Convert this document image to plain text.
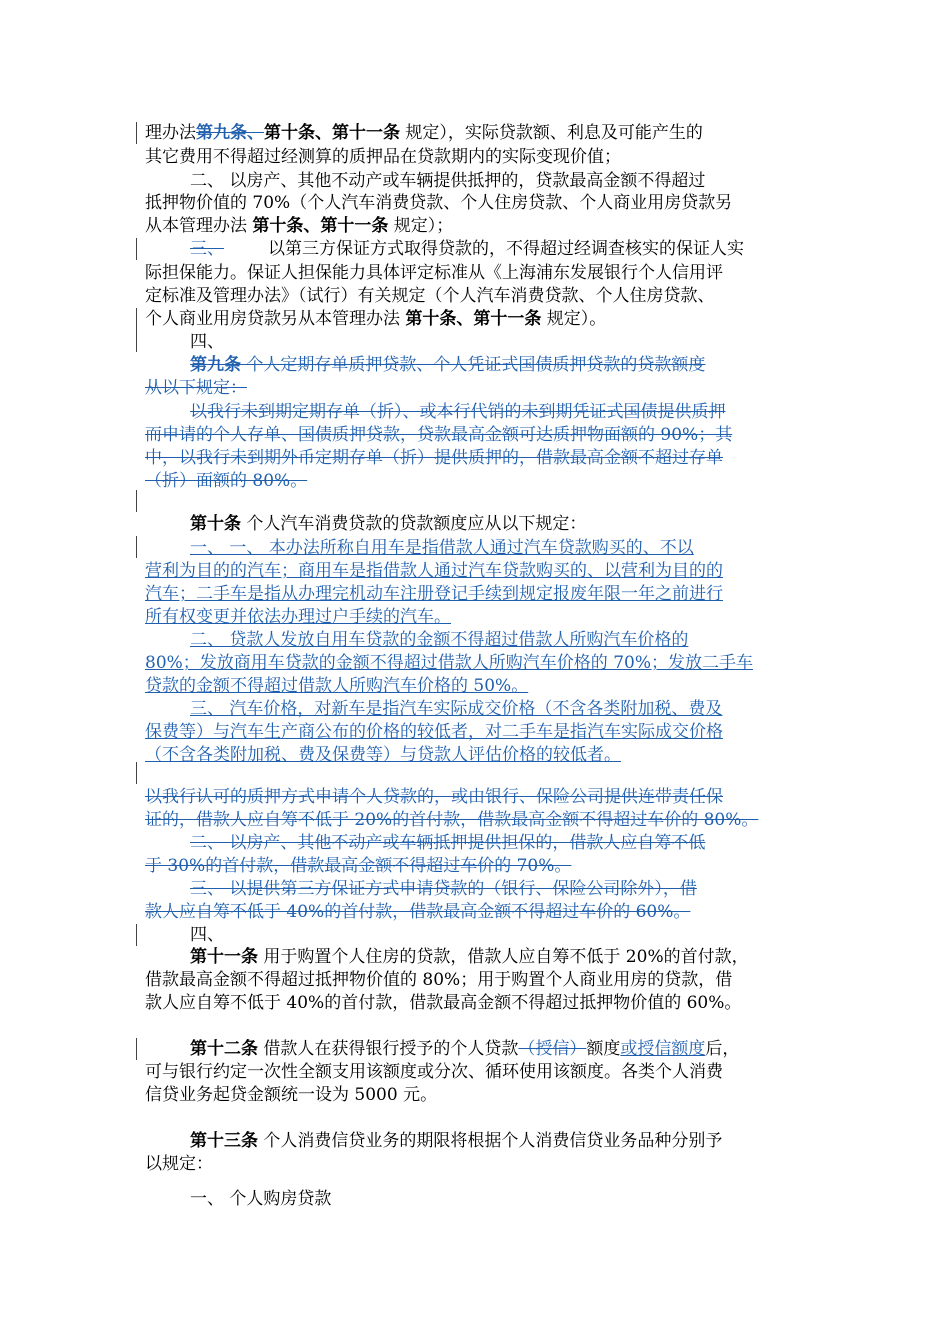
理办法第九条、第十条、第十一条 规定），实际贷款额、利息及可能产生的
其它费用不得超过经测算的质押品在贷款期内的实际变现价值；
二、 以房产、其他不动产或车辆提供抵押的，贷款最高金额不得超过
抵押物价值的 70%（个人汽车消费贷款、个人住房贷款、个人商业用房贷款另
从本管理办法 第十条、第十一条 规定）；
三、	以第三方保证方式取得贷款的，不得超过经调查核实的保证人实
际担保能力。保证人担保能力具体评定标准从《上海浦东发展银行个人信用评
定标准及管理办法》（试行）有关规定（个人汽车消费贷款、个人住房贷款、
个人商业用房贷款另从本管理办法 第十条、第十一条 规定）。
四、
第九条 个人定期存单质押贷款、个人凭证式国债质押贷款的贷款额度
从以下规定：
以我行未到期定期存单（折）、或本行代销的未到期凭证式国债提供质押
而申请的个人存单、国债质押贷款，贷款最高金额可达质押物面额的 90%；其
中，以我行未到期外币定期存单（折）提供质押的，借款最高金额不超过存单
（折）面额的 80%。
第十条 个人汽车消费贷款的贷款额度应从以下规定：
一、 一、 本办法所称自用车是指借款人通过汽车贷款购买的、不以
营利为目的的汽车；商用车是指借款人通过汽车贷款购买的、以营利为目的的
汽车；二手车是指从办理完机动车注册登记手续到规定报废年限一年之前进行
所有权变更并依法办理过户手续的汽车。
二、 贷款人发放自用车贷款的金额不得超过借款人所购汽车价格的
80%；发放商用车贷款的金额不得超过借款人所购汽车价格的 70%；发放二手车
贷款的金额不得超过借款人所购汽车价格的 50%。
三、 汽车价格，对新车是指汽车实际成交价格（不含各类附加税、费及
保费等）与汽车生产商公布的价格的较低者，对二手车是指汽车实际成交价格
（不含各类附加税、费及保费等）与贷款人评估价格的较低者。
以我行认可的质押方式申请个人贷款的，或由银行、保险公司提供连带责任保
证的，借款人应自筹不低于 20%的首付款，借款最高金额不得超过车价的 80%。
二、 以房产、其他不动产或车辆抵押提供担保的，借款人应自筹不低
于 30%的首付款，借款最高金额不得超过车价的 70%。
三、 以提供第三方保证方式申请贷款的（银行、保险公司除外），借
款人应自筹不低于 40%的首付款，借款最高金额不得超过车价的 60%。
四、
第十一条 用于购置个人住房的贷款，借款人应自筹不低于 20%的首付款，
借款最高金额不得超过抵押物价值的 80%；用于购置个人商业用房的贷款，借
款人应自筹不低于 40%的首付款，借款最高金额不得超过抵押物价值的 60%。
第十二条 借款人在获得银行授予的个人贷款（授信）额度或授信额度后，
可与银行约定一次性全额支用该额度或分次、循环使用该额度。各类个人消费
信贷业务起贷金额统一设为 5000 元。
第十三条 个人消费信贷业务的期限将根据个人消费信贷业务品种分别予
以规定：
一、 个人购房贷款
